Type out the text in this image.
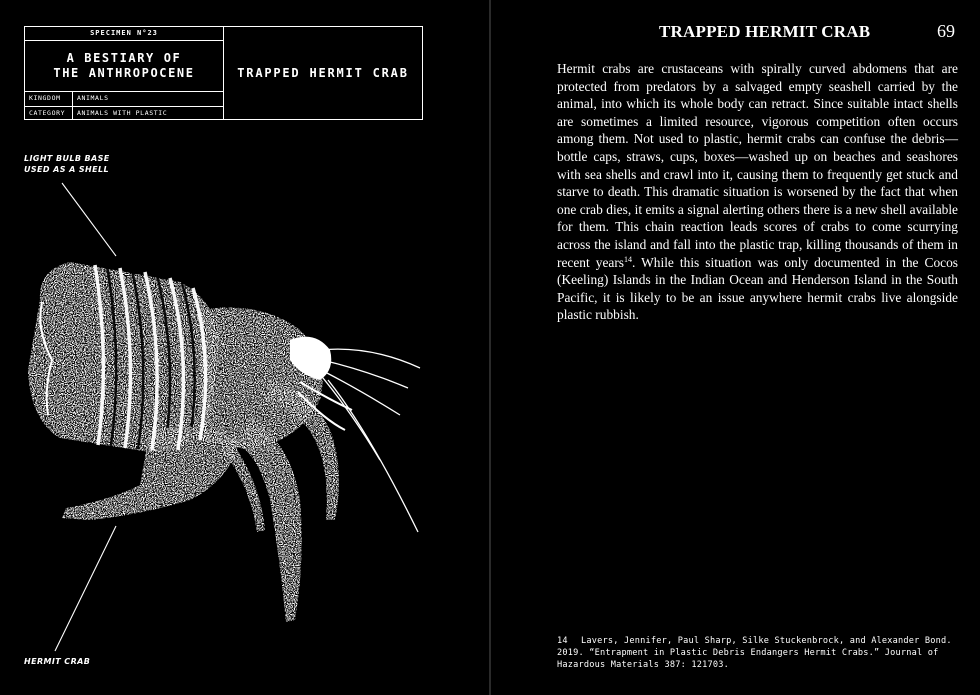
SPECIMEN N°23
A BESTIARY OF
THE ANTHROPOCENE
KINGDOM	ANIMALS
CATEGORY	ANIMALS WITH PLASTIC
TRAPPED HERMIT CRAB
LIGHT BULB BASE
USED AS A SHELL
HERMIT CRAB
TRAPPED HERMIT CRAB	69

Hermit crabs are crustaceans with spirally curved abdomens that are protected from predators by a salvaged empty seashell carried by the animal, into which its whole body can retract. Since suitable intact shells are sometimes a limited resource, vigorous competition often occurs among them. Not used to plastic, hermit crabs can confuse the debris—bottle caps, straws, cups, boxes—washed up on beaches and seashores with sea shells and crawl into it, causing them to frequently get stuck and starve to death. This dramatic situation is worsened by the fact that when one crab dies, it emits a signal alerting others there is a new shell available for them. This chain reaction leads scores of crabs to come scurrying across the island and fall into the plastic trap, killing thousands of them in recent years$^{14}$. While this situation was only documented in the Cocos (Keeling) Islands in the Indian Ocean and Henderson Island in the South Pacific, it is likely to be an issue anywhere hermit crabs live alongside plastic rubbish.

14 Lavers, Jennifer, Paul Sharp, Silke Stuckenbrock, and Alexander Bond. 2019. “Entrapment in Plastic Debris Endangers Hermit Crabs.” Journal of Hazardous Materials 387: 121703.
